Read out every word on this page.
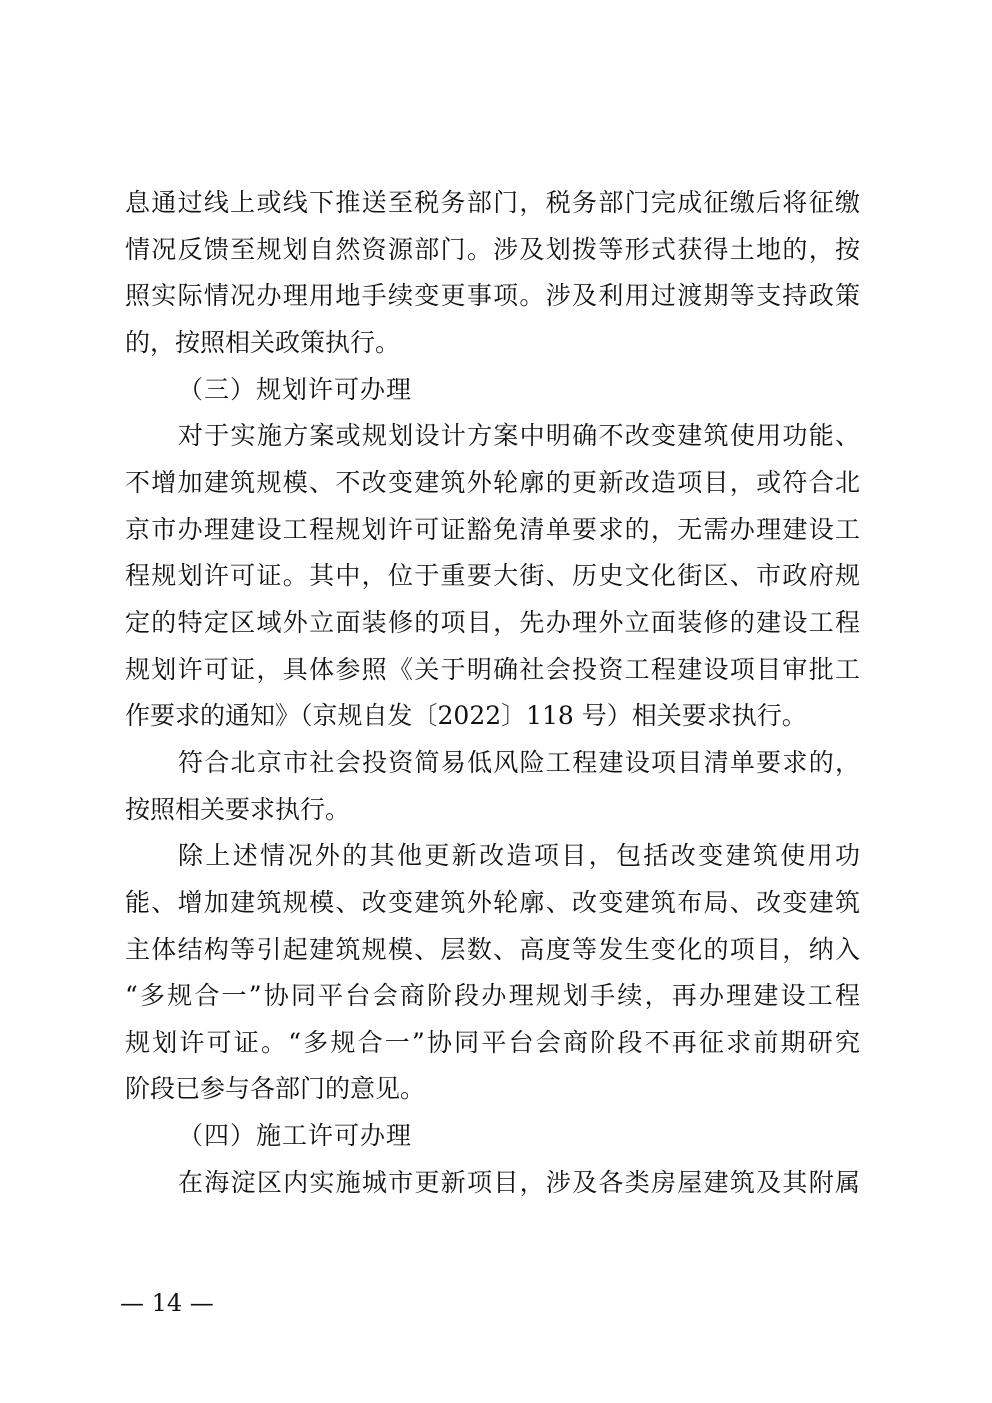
息通过线上或线下推送至税务部门，税务部门完成征缴后将征缴
情况反馈至规划自然资源部门。涉及划拨等形式获得土地的，按
照实际情况办理用地手续变更事项。涉及利用过渡期等支持政策
的，按照相关政策执行。
（三）规划许可办理
对于实施方案或规划设计方案中明确不改变建筑使用功能、
不增加建筑规模、不改变建筑外轮廓的更新改造项目，或符合北
京市办理建设工程规划许可证豁免清单要求的，无需办理建设工
程规划许可证。其中，位于重要大街、历史文化街区、市政府规
定的特定区域外立面装修的项目，先办理外立面装修的建设工程
规划许可证，具体参照《关于明确社会投资工程建设项目审批工
作要求的通知》（京规自发〔2022〕118 号）相关要求执行。
符合北京市社会投资简易低风险工程建设项目清单要求的，
按照相关要求执行。
除上述情况外的其他更新改造项目，包括改变建筑使用功
能、增加建筑规模、改变建筑外轮廓、改变建筑布局、改变建筑
主体结构等引起建筑规模、层数、高度等发生变化的项目，纳入
“多规合一”协同平台会商阶段办理规划手续，再办理建设工程
规划许可证。“多规合一”协同平台会商阶段不再征求前期研究
阶段已参与各部门的意见。
（四）施工许可办理
在海淀区内实施城市更新项目，涉及各类房屋建筑及其附属
— 14 —
